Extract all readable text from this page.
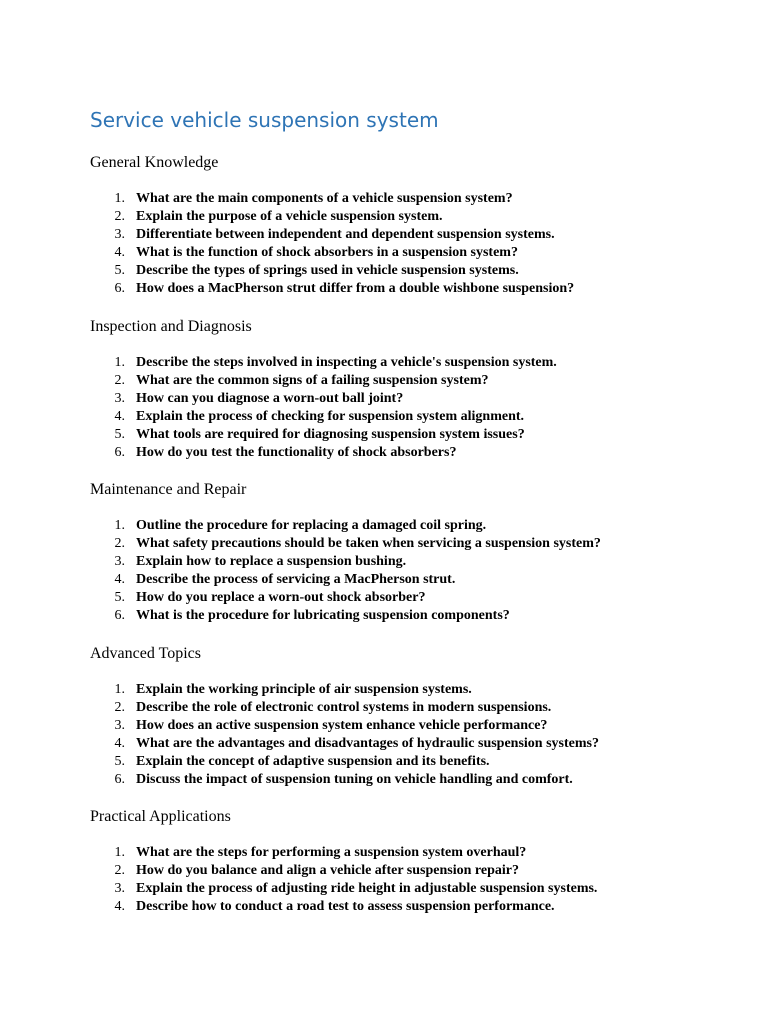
Service vehicle suspension system
General Knowledge
1. What are the main components of a vehicle suspension system?
2. Explain the purpose of a vehicle suspension system.
3. Differentiate between independent and dependent suspension systems.
4. What is the function of shock absorbers in a suspension system?
5. Describe the types of springs used in vehicle suspension systems.
6. How does a MacPherson strut differ from a double wishbone suspension?
Inspection and Diagnosis
1. Describe the steps involved in inspecting a vehicle's suspension system.
2. What are the common signs of a failing suspension system?
3. How can you diagnose a worn-out ball joint?
4. Explain the process of checking for suspension system alignment.
5. What tools are required for diagnosing suspension system issues?
6. How do you test the functionality of shock absorbers?
Maintenance and Repair
1. Outline the procedure for replacing a damaged coil spring.
2. What safety precautions should be taken when servicing a suspension system?
3. Explain how to replace a suspension bushing.
4. Describe the process of servicing a MacPherson strut.
5. How do you replace a worn-out shock absorber?
6. What is the procedure for lubricating suspension components?
Advanced Topics
1. Explain the working principle of air suspension systems.
2. Describe the role of electronic control systems in modern suspensions.
3. How does an active suspension system enhance vehicle performance?
4. What are the advantages and disadvantages of hydraulic suspension systems?
5. Explain the concept of adaptive suspension and its benefits.
6. Discuss the impact of suspension tuning on vehicle handling and comfort.
Practical Applications
1. What are the steps for performing a suspension system overhaul?
2. How do you balance and align a vehicle after suspension repair?
3. Explain the process of adjusting ride height in adjustable suspension systems.
4. Describe how to conduct a road test to assess suspension performance.
